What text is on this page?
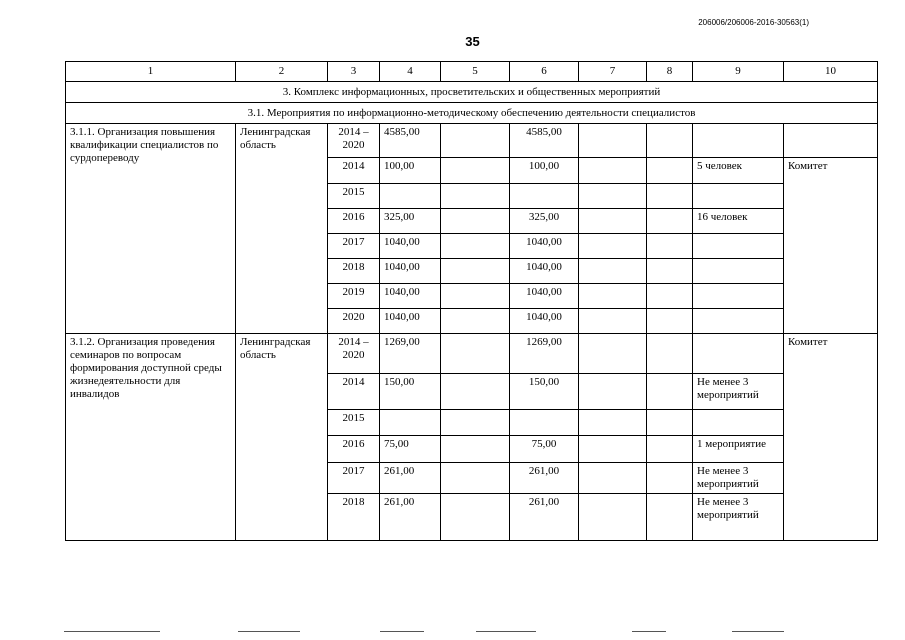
206006/206006-2016-30563(1)
35
1	2	3	4	5	6	7	8	9	10
3. Комплекс информационных, просветительских и общественных мероприятий									
3.1. Мероприятия по информационно-методическому обеспечению деятельности специалистов									
3.1.1. Организация повышения квалификации специалистов по сурдопереводу	Ленинградская область	2014 – 2020	4585,00		4585,00				
		2014	100,00		100,00			5 человек	Комитет
		2015							
		2016	325,00		325,00			16 человек	
		2017	1040,00		1040,00				
		2018	1040,00		1040,00				
		2019	1040,00		1040,00				
		2020	1040,00		1040,00				
3.1.2. Организация проведения семинаров по вопросам формирования доступной среды жизнедеятельности для инвалидов	Ленинградская область	2014 – 2020	1269,00		1269,00				Комитет
		2014	150,00		150,00			Не менее 3 мероприятий	
		2015							
		2016	75,00		75,00			1 мероприятие	
		2017	261,00		261,00			Не менее 3 мероприятий	
		2018	261,00		261,00			Не менее 3 мероприятий	
